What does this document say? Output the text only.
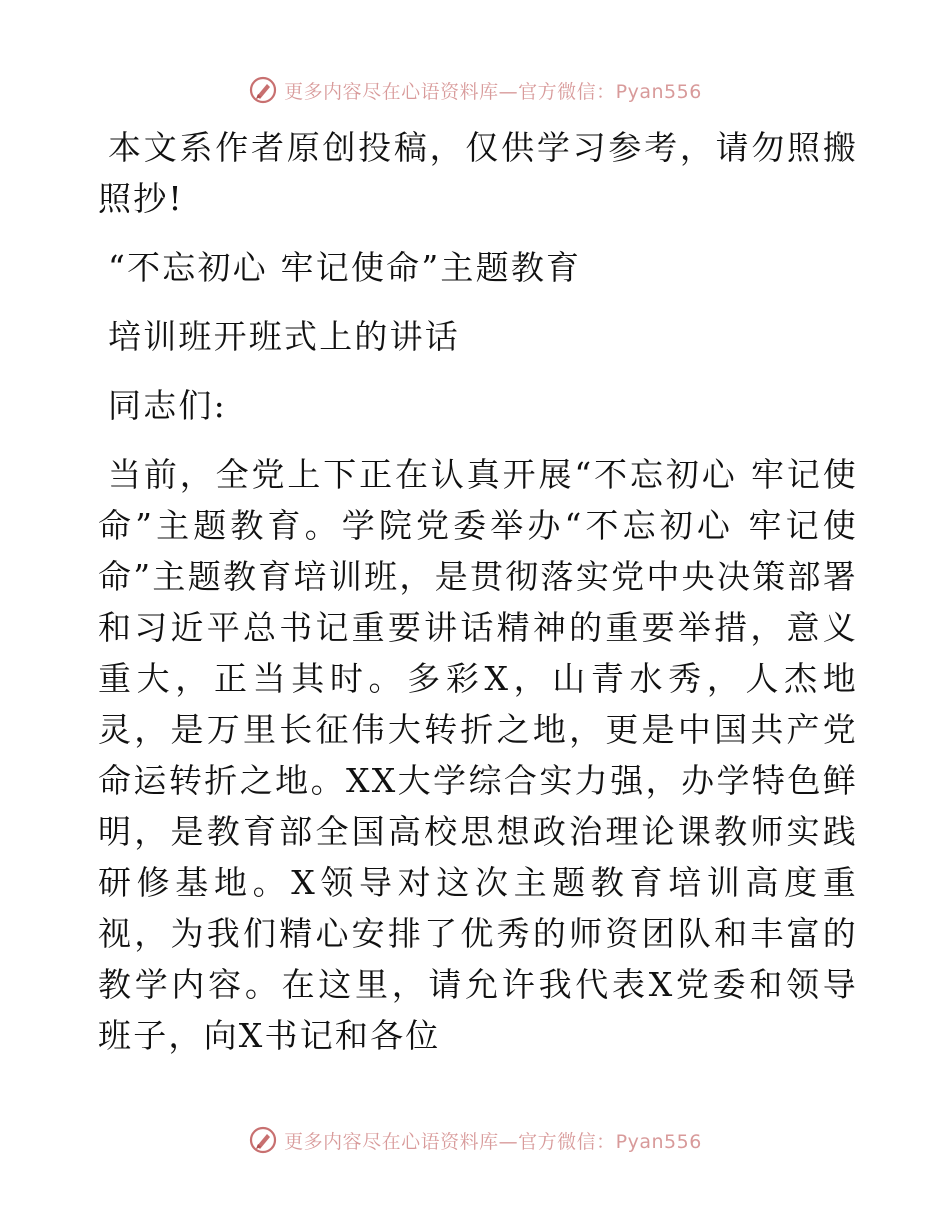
更多内容尽在心语资料库—官方微信：Pyan556

本文系作者原创投稿，仅供学习参考，请勿照搬照抄!

“不忘初心 牢记使命”主题教育

培训班开班式上的讲话

同志们:

当前，全党上下正在认真开展“不忘初心 牢记使命”主题教育。学院党委举办“不忘初心 牢记使命”主题教育培训班，是贯彻落实党中央决策部署和习近平总书记重要讲话精神的重要举措，意义重大，正当其时。多彩X，山青水秀，人杰地灵，是万里长征伟大转折之地，更是中国共产党命运转折之地。XX大学综合实力强，办学特色鲜明，是教育部全国高校思想政治理论课教师实践研修基地。X领导对这次主题教育培训高度重视，为我们精心安排了优秀的师资团队和丰富的教学内容。在这里，请允许我代表X党委和领导班子，向X书记和各位

更多内容尽在心语资料库—官方微信：Pyan556
